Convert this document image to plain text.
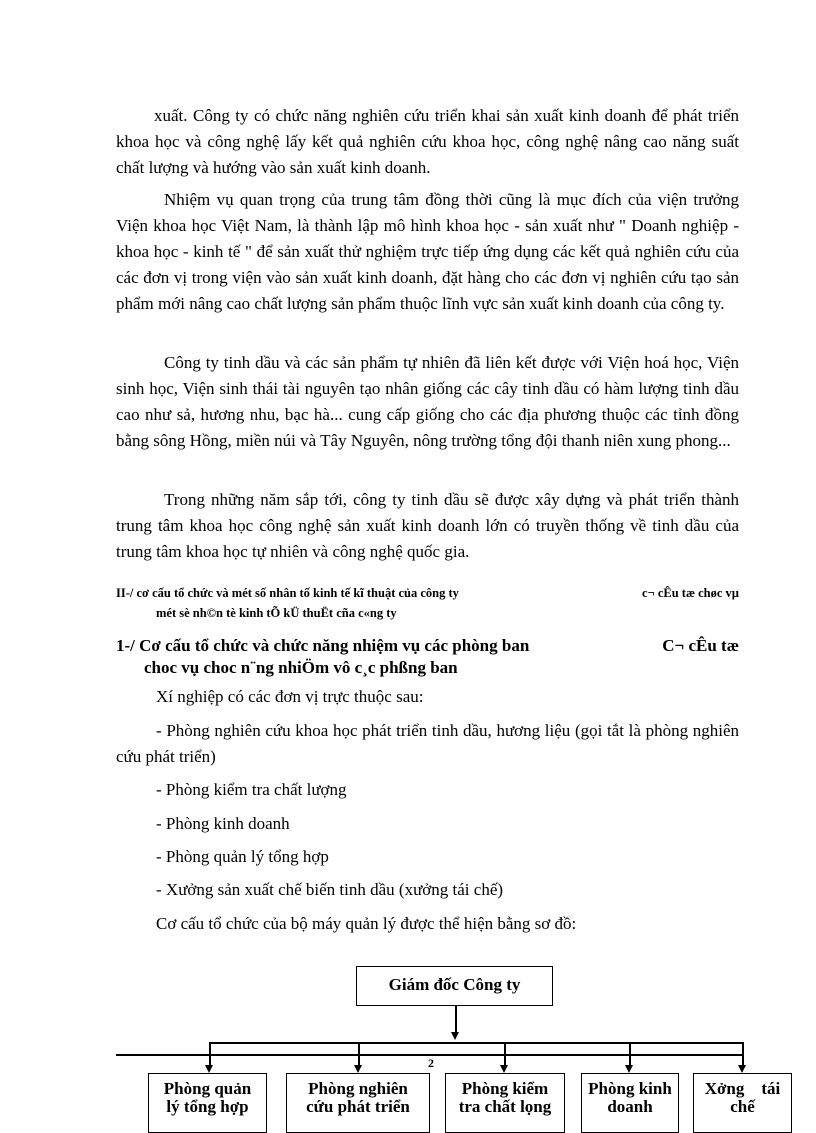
xuất. Công ty có chức năng nghiên cứu triển khai sản xuất kinh doanh để phát triển khoa học và công nghệ lấy kết quả nghiên cứu khoa học, công nghệ nâng cao năng suất chất lượng và hướng vào sản xuất kinh doanh.

Nhiệm vụ quan trọng của trung tâm đồng thời cũng là mục đích của viện trưởng Viện khoa học Việt Nam, là thành lập mô hình khoa học - sản xuất như " Doanh nghiệp - khoa học - kinh tế " để sản xuất thử nghiệm trực tiếp ứng dụng các kết quả nghiên cứu của các đơn vị trong viện vào sản xuất kinh doanh, đặt hàng cho các đơn vị nghiên cứu tạo sản phẩm mới nâng cao chất lượng sản phẩm thuộc lĩnh vực sản xuất kinh doanh của công ty.

Công ty tinh dầu và các sản phẩm tự nhiên đã liên kết được với Viện hoá học, Viện sinh học, Viện sinh thái tài nguyên tạo nhân giống các cây tinh dầu có hàm lượng tinh dầu cao như sả, hương nhu, bạc hà... cung cấp giống cho các địa phương thuộc các tỉnh đồng bằng sông Hồng, miền núi và Tây Nguyên, nông trường tổng đội thanh niên xung phong...

Trong những năm sắp tới, công ty tinh dầu sẽ được xây dựng và phát triển thành trung tâm khoa học công nghệ sản xuất kinh doanh lớn có truyền thống về tinh dầu của trung tâm khoa học tự nhiên và công nghệ quốc gia.

II-/ cơ cấu tổ chức và mét số nhân tố kinh tế kĩ thuật của công ty	c¬ cÊu tæ chøc vµ
mét sè nh©n tè kinh tÕ kÜ thuËt cña c«ng ty
1-/ Cơ cấu tổ chức và chức năng nhiệm vụ các phòng ban	C¬ cÊu tæ
choc vụ choc n¨ng nhiÖm vô c¸c phßng ban

Xí nghiệp có các đơn vị trực thuộc sau:

- Phòng nghiên cứu khoa học phát triển tinh dầu, hương liệu (gọi tắt là phòng nghiên cứu phát triển)

- Phòng kiểm tra chất lượng

- Phòng kinh doanh

- Phòng quản lý tổng hợp

- Xưởng sản xuất chế biến tinh dầu (xưởng tái chế)

Cơ cấu tổ chức của bộ máy quản lý được thể hiện bằng sơ đồ:

Giám đốc Công ty
2
Phòng quản
lý tổng hợp
Phòng nghiên
cứu phát triển
Phòng kiểm
tra chất lọng
Phòng kinh
doanh
Xởng    tái
chế
